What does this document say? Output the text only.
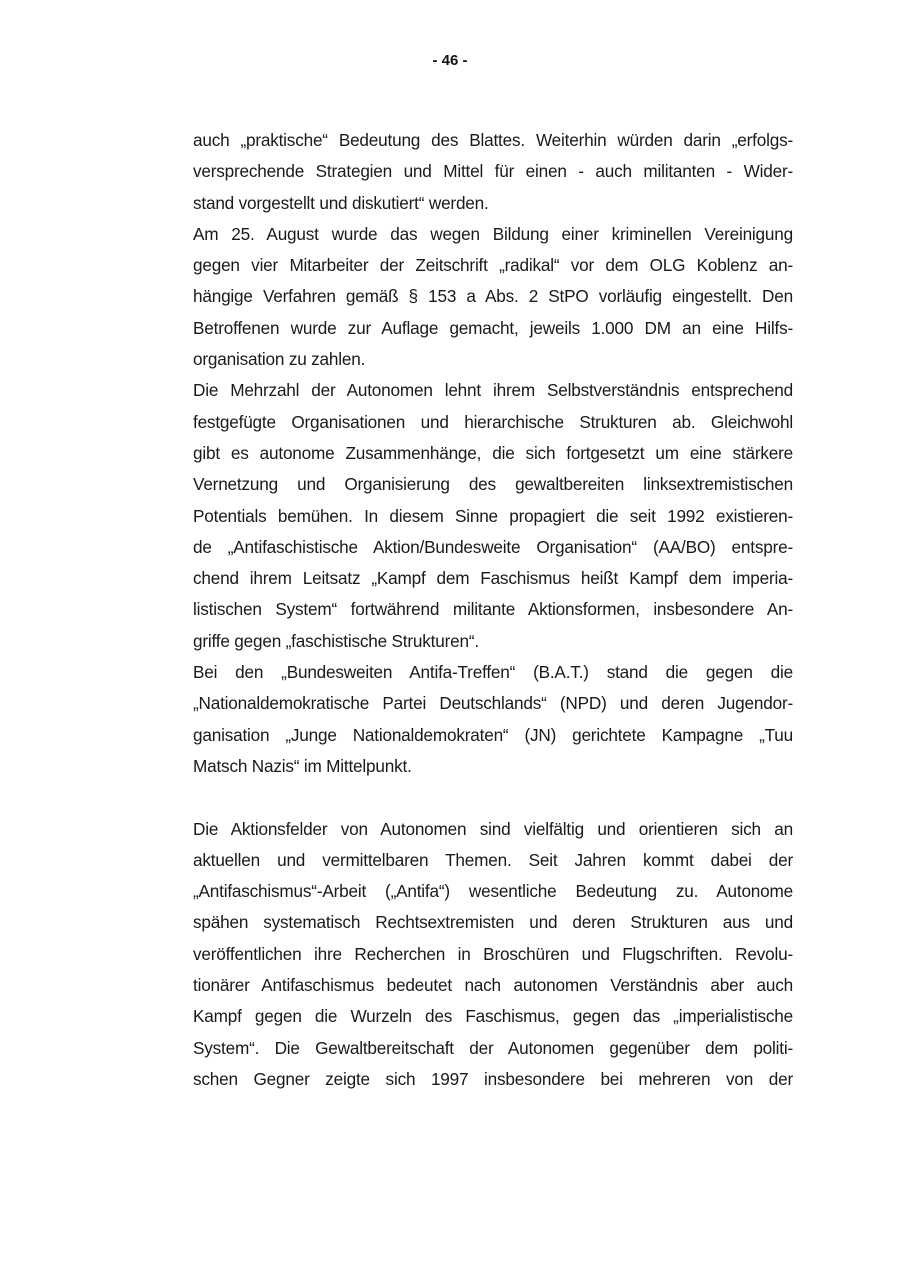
- 46 -
auch „praktische“ Bedeutung des Blattes. Weiterhin würden darin „erfolgs-
versprechende Strategien und Mittel für einen - auch militanten - Wider-
stand vorgestellt und diskutiert“ werden.
Am 25. August wurde das wegen Bildung einer kriminellen Vereinigung
gegen vier Mitarbeiter der Zeitschrift „radikal“ vor dem OLG Koblenz an-
hängige Verfahren gemäß § 153 a Abs. 2 StPO vorläufig eingestellt. Den
Betroffenen wurde zur Auflage gemacht, jeweils 1.000 DM an eine Hilfs-
organisation zu zahlen.
Die Mehrzahl der Autonomen lehnt ihrem Selbstverständnis entsprechend
festgefügte Organisationen und hierarchische Strukturen ab. Gleichwohl
gibt es autonome Zusammenhänge, die sich fortgesetzt um eine stärkere
Vernetzung und Organisierung des gewaltbereiten linksextremistischen
Potentials bemühen. In diesem Sinne propagiert die seit 1992 existieren-
de „Antifaschistische Aktion/Bundesweite Organisation“ (AA/BO) entspre-
chend ihrem Leitsatz „Kampf dem Faschismus heißt Kampf dem imperia-
listischen System“ fortwährend militante Aktionsformen, insbesondere An-
griffe gegen „faschistische Strukturen“.
Bei den „Bundesweiten Antifa-Treffen“ (B.A.T.) stand die gegen die
„Nationaldemokratische Partei Deutschlands“ (NPD) und deren Jugendor-
ganisation „Junge Nationaldemokraten“ (JN) gerichtete Kampagne „Tuu
Matsch Nazis“ im Mittelpunkt.
Die Aktionsfelder von Autonomen sind vielfältig und orientieren sich an
aktuellen und vermittelbaren Themen. Seit Jahren kommt dabei der
„Antifaschismus“-Arbeit („Antifa“) wesentliche Bedeutung zu. Autonome
spähen systematisch Rechtsextremisten und deren Strukturen aus und
veröffentlichen ihre Recherchen in Broschüren und Flugschriften. Revolu-
tionärer Antifaschismus bedeutet nach autonomen Verständnis aber auch
Kampf gegen die Wurzeln des Faschismus, gegen das „imperialistische
System“. Die Gewaltbereitschaft der Autonomen gegenüber dem politi-
schen Gegner zeigte sich 1997 insbesondere bei mehreren von der
